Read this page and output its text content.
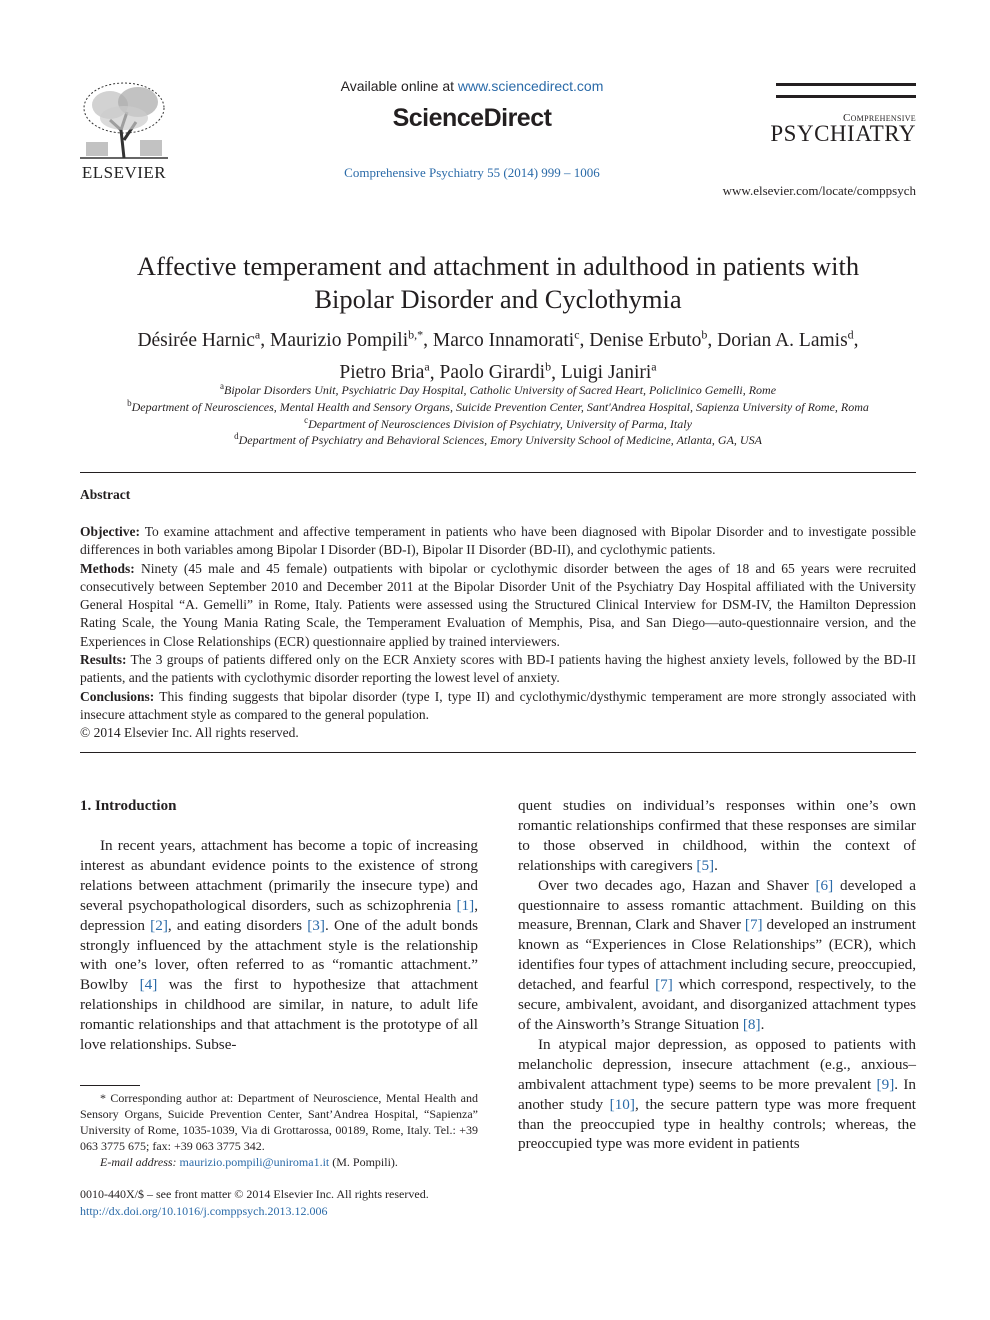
ELSEVIER
Available online at www.sciencedirect.com
ScienceDirect
Comprehensive Psychiatry 55 (2014) 999 – 1006
Comprehensive
PSYCHIATRY
www.elsevier.com/locate/comppsych
Affective temperament and attachment in adulthood in patients with
Bipolar Disorder and Cyclothymia
Désirée Harnic$^a$, Maurizio Pompili$^{b,*}$, Marco Innamorati$^c$, Denise Erbuto$^b$, Dorian A. Lamis$^d$,
Pietro Bria$^a$, Paolo Girardi$^b$, Luigi Janiri$^a$
$^a$Bipolar Disorders Unit, Psychiatric Day Hospital, Catholic University of Sacred Heart, Policlinico Gemelli, Rome
$^b$Department of Neurosciences, Mental Health and Sensory Organs, Suicide Prevention Center, Sant'Andrea Hospital, Sapienza University of Rome, Roma
$^c$Department of Neurosciences Division of Psychiatry, University of Parma, Italy
$^d$Department of Psychiatry and Behavioral Sciences, Emory University School of Medicine, Atlanta, GA, USA
Abstract

Objective: To examine attachment and affective temperament in patients who have been diagnosed with Bipolar Disorder and to investigate possible differences in both variables among Bipolar I Disorder (BD-I), Bipolar II Disorder (BD-II), and cyclothymic patients.

Methods: Ninety (45 male and 45 female) outpatients with bipolar or cyclothymic disorder between the ages of 18 and 65 years were recruited consecutively between September 2010 and December 2011 at the Bipolar Disorder Unit of the Psychiatry Day Hospital affiliated with the University General Hospital “A. Gemelli” in Rome, Italy. Patients were assessed using the Structured Clinical Interview for DSM-IV, the Hamilton Depression Rating Scale, the Young Mania Rating Scale, the Temperament Evaluation of Memphis, Pisa, and San Diego—auto-questionnaire version, and the Experiences in Close Relationships (ECR) questionnaire applied by trained interviewers.

Results: The 3 groups of patients differed only on the ECR Anxiety scores with BD-I patients having the highest anxiety levels, followed by the BD-II patients, and the patients with cyclothymic disorder reporting the lowest level of anxiety.

Conclusions: This finding suggests that bipolar disorder (type I, type II) and cyclothymic/dysthymic temperament are more strongly associated with insecure attachment style as compared to the general population.

© 2014 Elsevier Inc. All rights reserved.

1. Introduction

In recent years, attachment has become a topic of increasing interest as abundant evidence points to the existence of strong relations between attachment (primarily the insecure type) and several psychopathological disorders, such as schizophrenia [1], depression [2], and eating disorders [3]. One of the adult bonds strongly influenced by the attachment style is the relationship with one’s lover, often referred to as “romantic attachment.” Bowlby [4] was the first to hypothesize that attachment relationships in childhood are similar, in nature, to adult life romantic relationships and that attachment is the prototype of all love relationships. Subse-

quent studies on individual’s responses within one’s own romantic relationships confirmed that these responses are similar to those observed in childhood, within the context of relationships with caregivers [5].

Over two decades ago, Hazan and Shaver [6] developed a questionnaire to assess romantic attachment. Building on this measure, Brennan, Clark and Shaver [7] developed an instrument known as “Experiences in Close Relationships” (ECR), which identifies four types of attachment including secure, preoccupied, detached, and fearful [7] which correspond, respectively, to the secure, ambivalent, avoidant, and disorganized attachment types of the Ainsworth’s Strange Situation [8].

In atypical major depression, as opposed to patients with melancholic depression, insecure attachment (e.g., anxious–ambivalent attachment type) seems to be more prevalent [9]. In another study [10], the secure pattern type was more frequent than the preoccupied type in healthy controls; whereas, the preoccupied type was more evident in patients

* Corresponding author at: Department of Neuroscience, Mental Health and Sensory Organs, Suicide Prevention Center, Sant’Andrea Hospital, “Sapienza” University of Rome, 1035-1039, Via di Grottarossa, 00189, Rome, Italy. Tel.: +39 063 3775 675; fax: +39 063 3775 342.

E-mail address: maurizio.pompili@uniroma1.it (M. Pompili).

0010-440X/$ – see front matter © 2014 Elsevier Inc. All rights reserved.
http://dx.doi.org/10.1016/j.comppsych.2013.12.006
